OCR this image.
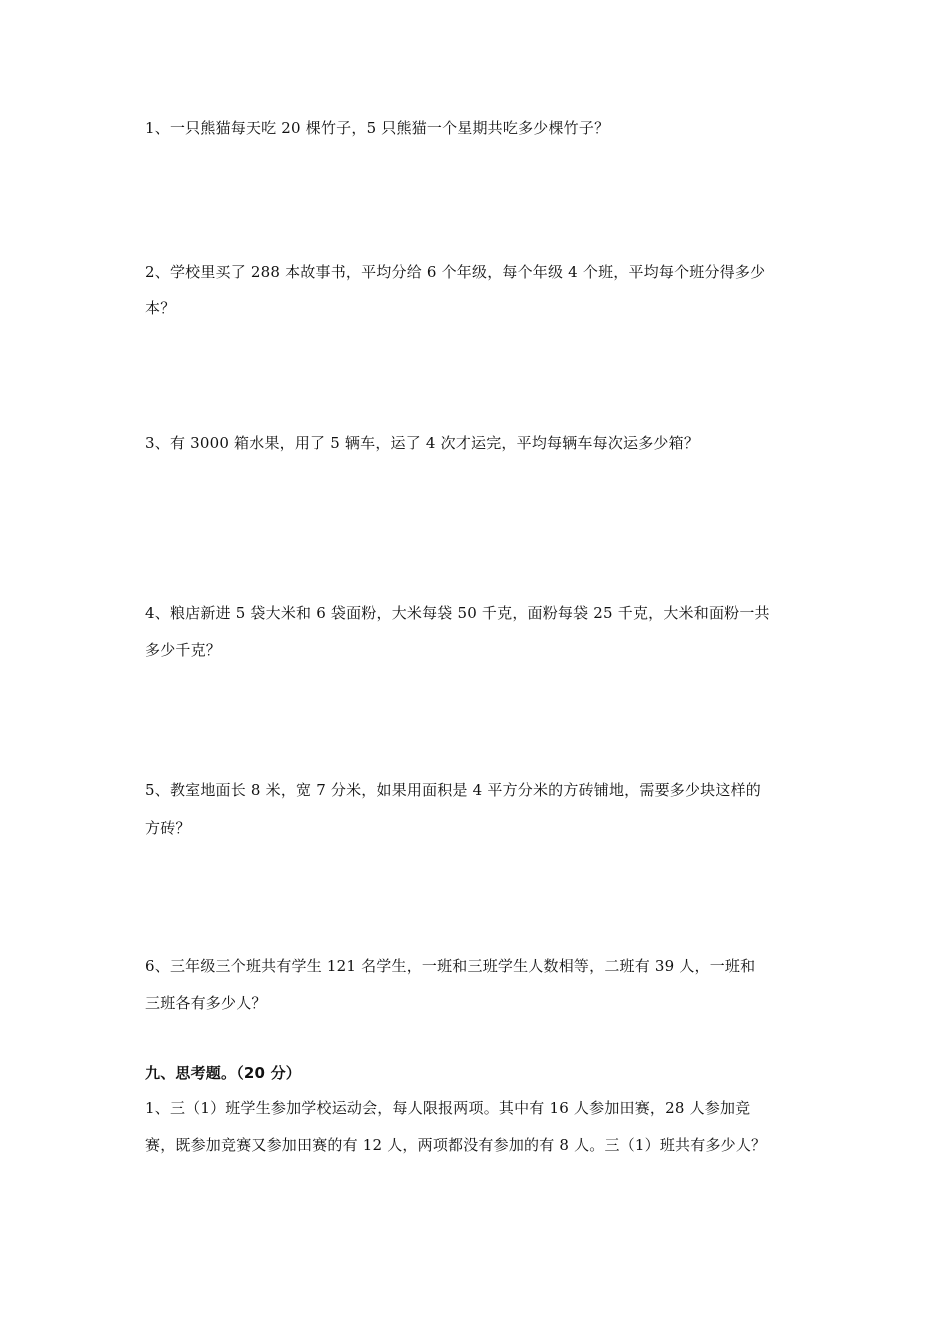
1、一只熊猫每天吃 20 棵竹子，5 只熊猫一个星期共吃多少棵竹子？
2、学校里买了 288 本故事书，平均分给 6 个年级，每个年级 4 个班，平均每个班分得多少
本？
3、有 3000 箱水果，用了 5 辆车，运了 4 次才运完，平均每辆车每次运多少箱？
4、粮店新进 5 袋大米和 6 袋面粉，大米每袋 50 千克，面粉每袋 25 千克，大米和面粉一共
多少千克？
5、教室地面长 8 米，宽 7 分米，如果用面积是 4 平方分米的方砖铺地，需要多少块这样的
方砖？
6、三年级三个班共有学生 121 名学生，一班和三班学生人数相等，二班有 39 人，一班和
三班各有多少人？
九、思考题。（20 分）
1、三（1）班学生参加学校运动会，每人限报两项。其中有 16 人参加田赛，28 人参加竞
赛，既参加竞赛又参加田赛的有 12 人，两项都没有参加的有 8 人。三（1）班共有多少人？
